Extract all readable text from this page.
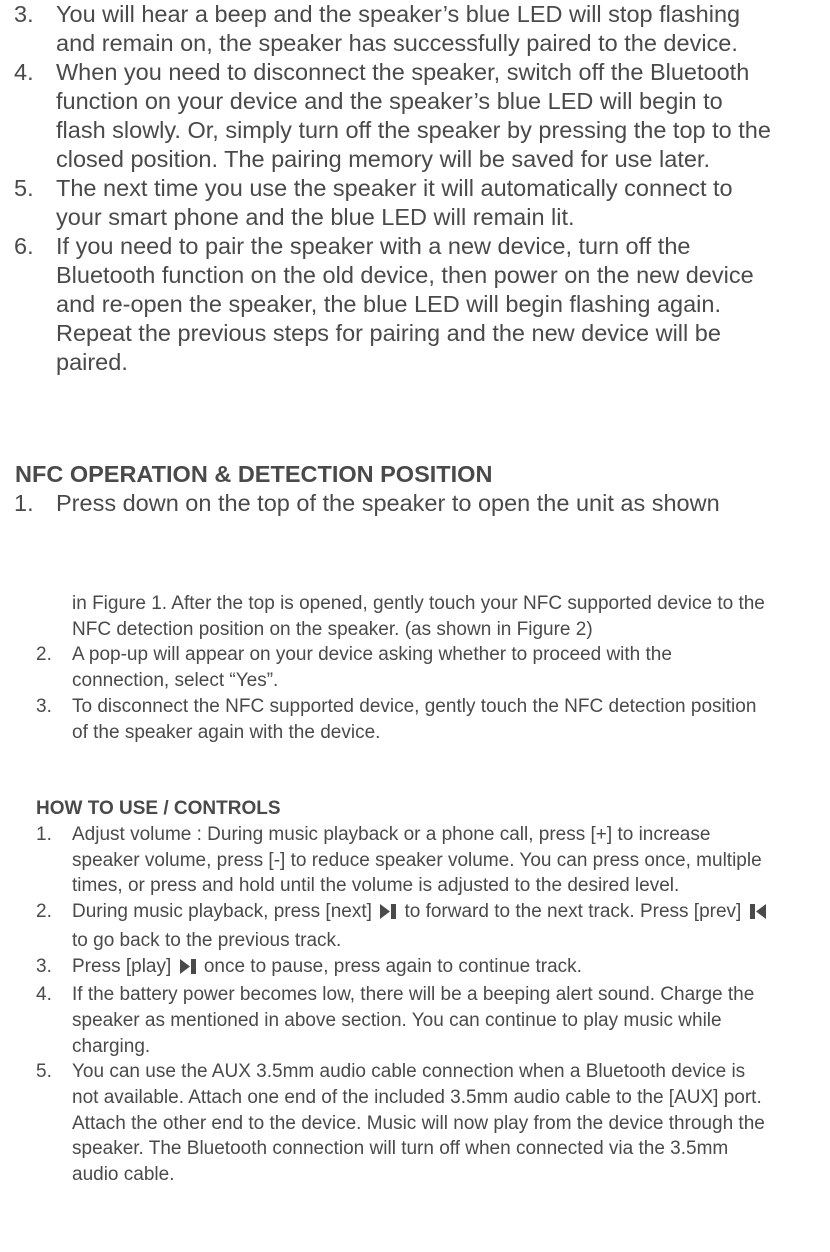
3. You will hear a beep and the speaker’s blue LED will stop flashing and remain on, the speaker has successfully paired to the device.
4. When you need to disconnect the speaker, switch off the Bluetooth function on your device and the speaker’s blue LED will begin to flash slowly. Or, simply turn off the speaker by pressing the top to the closed position. The pairing memory will be saved for use later.
5. The next time you use the speaker it will automatically connect to your smart phone and the blue LED will remain lit.
6. If you need to pair the speaker with a new device, turn off the Bluetooth function on the old device, then power on the new device and re-open the speaker, the blue LED will begin flashing again. Repeat the previous steps for pairing and the new device will be paired.
NFC OPERATION & DETECTION POSITION
1. Press down on the top of the speaker to open the unit as shown
in Figure 1. After the top is opened, gently touch your NFC supported device to the NFC detection position on the speaker. (as shown in Figure 2)
2. A pop-up will appear on your device asking whether to proceed with the connection, select “Yes”.
3. To disconnect the NFC supported device, gently touch the NFC detection position of the speaker again with the device.
HOW TO USE / CONTROLS
1. Adjust volume : During music playback or a phone call, press [+] to increase speaker volume, press [-] to reduce speaker volume. You can press once, multiple times, or press and hold until the volume is adjusted to the desired level.
2. During music playback, press [next]  to forward to the next track. Press [prev]  to go back to the previous track.
3. Press [play]  once to pause, press again to continue track.
4. If the battery power becomes low, there will be a beeping alert sound. Charge the speaker as mentioned in above section. You can continue to play music while charging.
5. You can use the AUX 3.5mm audio cable connection when a Bluetooth device is not available. Attach one end of the included 3.5mm audio cable to the [AUX] port. Attach the other end to the device. Music will now play from the device through the speaker. The Bluetooth connection will turn off when connected via the 3.5mm audio cable.
